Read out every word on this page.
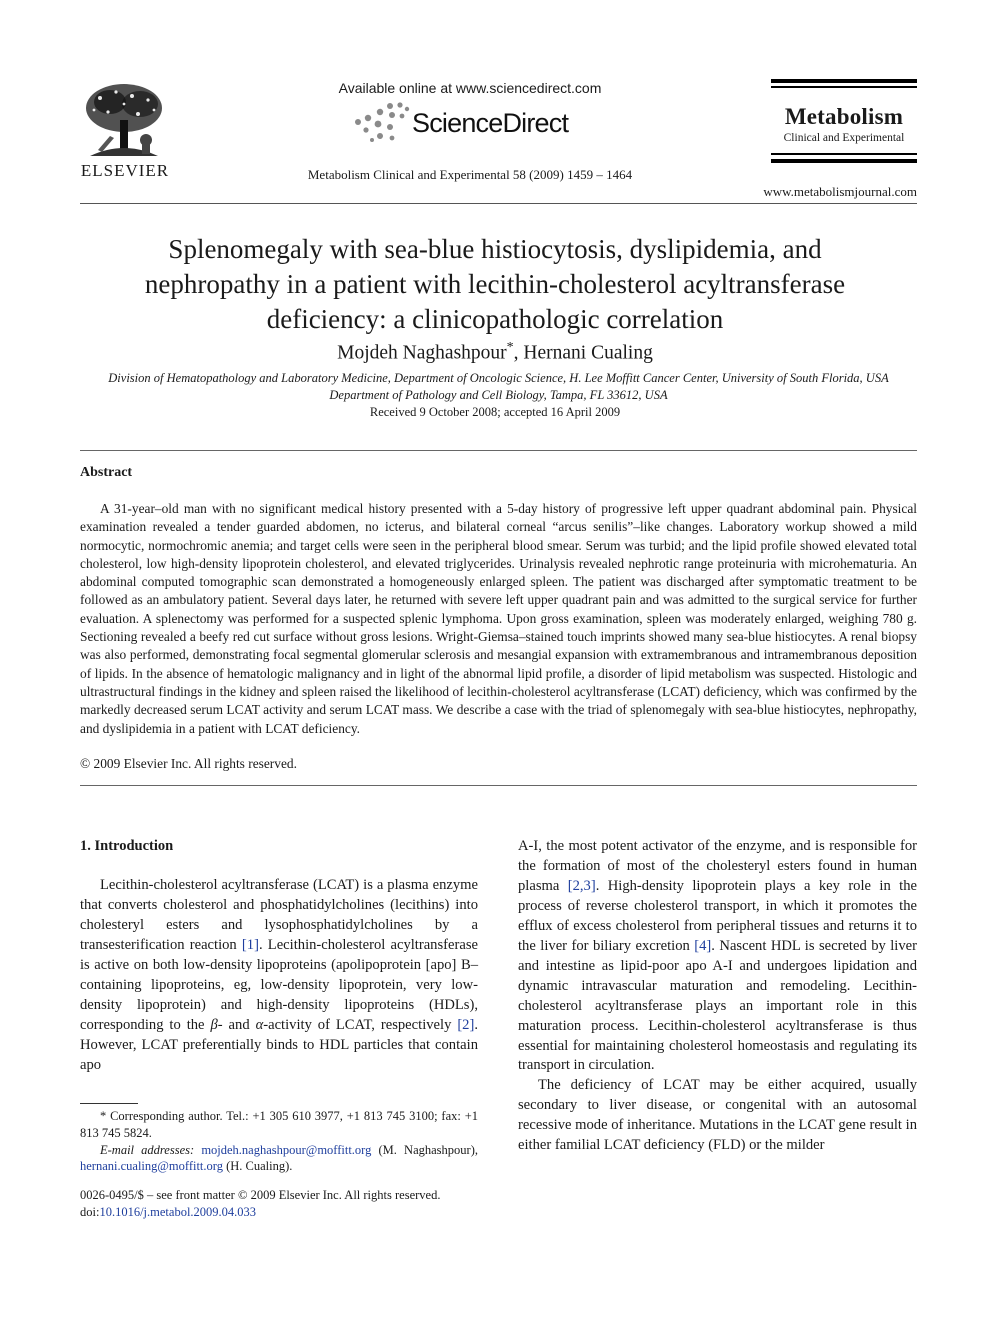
ELSEVIER
Available online at www.sciencedirect.com
ScienceDirect
Metabolism Clinical and Experimental 58 (2009) 1459 – 1464
Metabolism
Clinical and Experimental
www.metabolismjournal.com
Splenomegaly with sea-blue histiocytosis, dyslipidemia, and nephropathy in a patient with lecithin-cholesterol acyltransferase deficiency: a clinicopathologic correlation
Mojdeh Naghashpour*, Hernani Cualing
Division of Hematopathology and Laboratory Medicine, Department of Oncologic Science, H. Lee Moffitt Cancer Center, University of South Florida, USA Department of Pathology and Cell Biology, Tampa, FL 33612, USA
Received 9 October 2008; accepted 16 April 2009
Abstract
A 31-year–old man with no significant medical history presented with a 5-day history of progressive left upper quadrant abdominal pain. Physical examination revealed a tender guarded abdomen, no icterus, and bilateral corneal “arcus senilis”–like changes. Laboratory workup showed a mild normocytic, normochromic anemia; and target cells were seen in the peripheral blood smear. Serum was turbid; and the lipid profile showed elevated total cholesterol, low high-density lipoprotein cholesterol, and elevated triglycerides. Urinalysis revealed nephrotic range proteinuria with microhematuria. An abdominal computed tomographic scan demonstrated a homogeneously enlarged spleen. The patient was discharged after symptomatic treatment to be followed as an ambulatory patient. Several days later, he returned with severe left upper quadrant pain and was admitted to the surgical service for further evaluation. A splenectomy was performed for a suspected splenic lymphoma. Upon gross examination, spleen was moderately enlarged, weighing 780 g. Sectioning revealed a beefy red cut surface without gross lesions. Wright-Giemsa–stained touch imprints showed many sea-blue histiocytes. A renal biopsy was also performed, demonstrating focal segmental glomerular sclerosis and mesangial expansion with extramembranous and intramembranous deposition of lipids. In the absence of hematologic malignancy and in light of the abnormal lipid profile, a disorder of lipid metabolism was suspected. Histologic and ultrastructural findings in the kidney and spleen raised the likelihood of lecithin-cholesterol acyltransferase (LCAT) deficiency, which was confirmed by the markedly decreased serum LCAT activity and serum LCAT mass. We describe a case with the triad of splenomegaly with sea-blue histiocytes, nephropathy, and dyslipidemia in a patient with LCAT deficiency.
© 2009 Elsevier Inc. All rights reserved.
1. Introduction
Lecithin-cholesterol acyltransferase (LCAT) is a plasma enzyme that converts cholesterol and phosphatidylcholines (lecithins) into cholesteryl esters and lysophosphatidylcholines by a transesterification reaction [1]. Lecithin-cholesterol acyltransferase is active on both low-density lipoproteins (apolipoprotein [apo] B–containing lipoproteins, eg, low-density lipoprotein, very low-density lipoprotein) and high-density lipoproteins (HDLs), corresponding to the β- and α-activity of LCAT, respectively [2]. However, LCAT preferentially binds to HDL particles that contain apo

A-I, the most potent activator of the enzyme, and is responsible for the formation of most of the cholesteryl esters found in human plasma [2,3]. High-density lipoprotein plays a key role in the process of reverse cholesterol transport, in which it promotes the efflux of excess cholesterol from peripheral tissues and returns it to the liver for biliary excretion [4]. Nascent HDL is secreted by liver and intestine as lipid-poor apo A-I and undergoes lipidation and dynamic intravascular maturation and remodeling. Lecithin-cholesterol acyltransferase plays an important role in this maturation process. Lecithin-cholesterol acyltransferase is thus essential for maintaining cholesterol homeostasis and regulating its transport in circulation.

The deficiency of LCAT may be either acquired, usually secondary to liver disease, or congenital with an autosomal recessive mode of inheritance. Mutations in the LCAT gene result in either familial LCAT deficiency (FLD) or the milder

* Corresponding author. Tel.: +1 305 610 3977, +1 813 745 3100; fax: +1 813 745 5824.

E-mail addresses: mojdeh.naghashpour@moffitt.org (M. Naghashpour), hernani.cualing@moffitt.org (H. Cualing).

0026-0495/$ – see front matter © 2009 Elsevier Inc. All rights reserved.
doi:10.1016/j.metabol.2009.04.033
